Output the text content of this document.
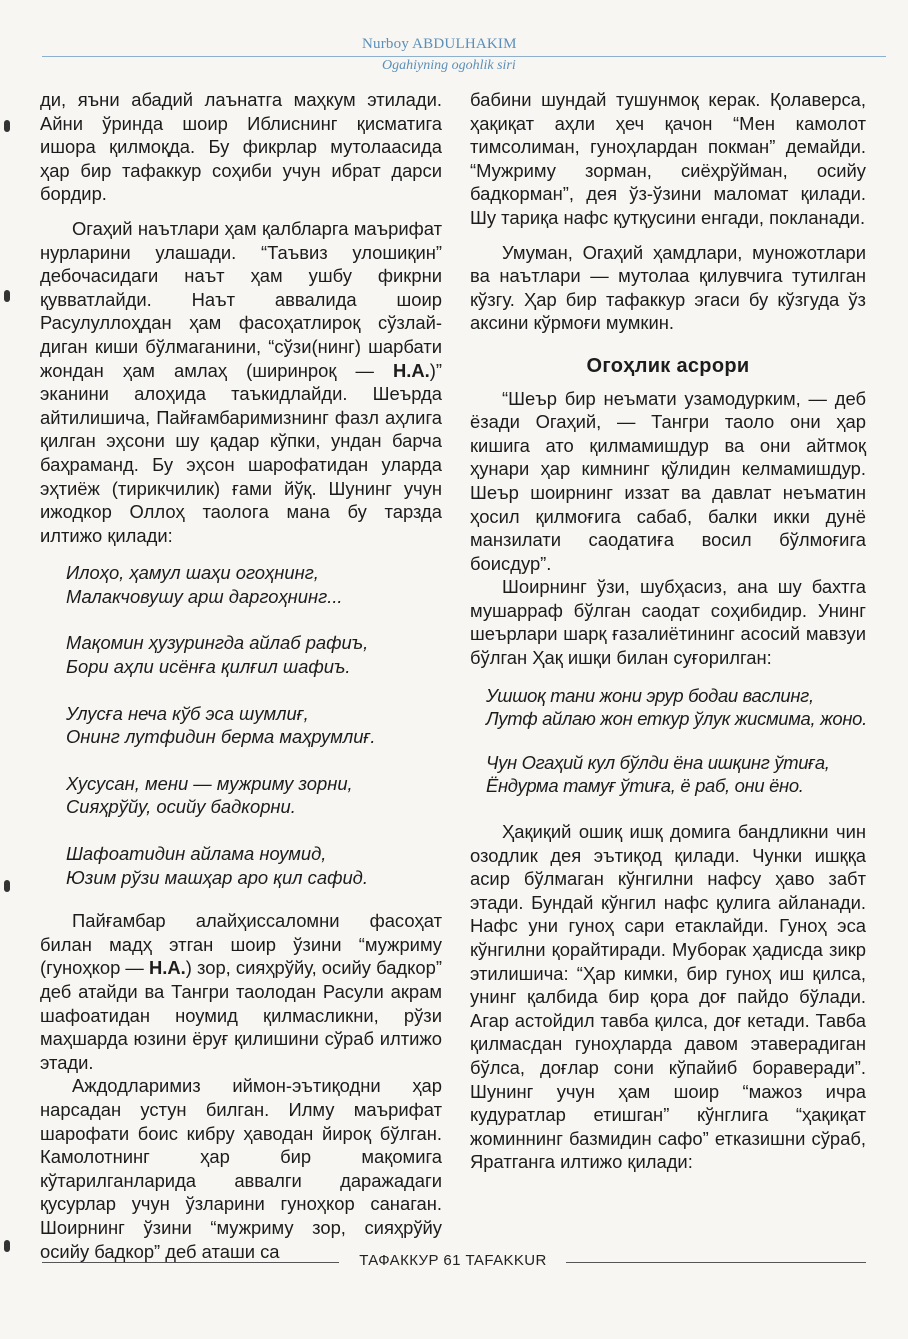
Nurboy ABDULHAKIM
Ogahiyning ogohlik siri

ди, яъни абадий лаънатга маҳкум этилади. Айни ўринда шоир Иблиснинг қисматига ишора қилмоқда. Бу фикрлар мутолаасида ҳар бир тафаккур соҳиби учун ибрат дарси бордир.

Огаҳий наътлари ҳам қалбларга маърифат нурларини улашади. “Таъвиз улошиқин” дебочасидаги наът ҳам ушбу фикрни қувватлайди. Наът аввалида шоир Расулуллоҳдан ҳам фасоҳатлироқ сўзлайдиган киши бўлмаганини, “сўзи(нинг) шарбати жондан ҳам амлаҳ (ширинроқ — Н.А.)” эканини алоҳида таъкидлайди. Шеърда айтилишича, Пайғамбаримизнинг фазл аҳлига қилган эҳсони шу қадар кўпки, ундан барча баҳраманд. Бу эҳсон шарофатидан уларда эҳтиёж (тирикчилик) ғами йўқ. Шунинг учун ижодкор Оллоҳ таологa мана бу тарзда илтижо қилади:

Илоҳо, ҳамул шаҳи огоҳнинг,
Малакчовушу арш даргоҳнинг...
Мақомин ҳузурингда айлаб рафиъ,
Бори аҳли исёнға қилғил шафиъ.
Улусға неча кўб эса шумлиғ,
Онинг лутфидин берма маҳрумлиғ.
Хусусан, мени — мужриму зорни,
Сияҳрўйу, осийу бадкорни.
Шафоатидин айлама ноумид,
Юзим рўзи машҳар аро қил сафид.

Пайғамбар алайҳиссаломни фасоҳат билан мадҳ этган шоир ўзини “мужриму (гуноҳкор — Н.А.) зор, сияҳрўйу, осийу бадкор” деб атайди ва Тангри таолодан Расули акрам шафоатидан ноумид қилмасликни, рўзи маҳшарда юзини ёруғ қилишини сўраб илтижо этади.

Аждодларимиз иймон-эътиқодни ҳар нарсадан устун билган. Илму маърифат шарофати боис кибру ҳаводан йироқ бўлган. Камолотнинг ҳар бир мақомига кўтарилганларида аввалги даражадаги қусурлар учун ўзларини гуноҳкор санаган. Шоирнинг ўзини “мужриму зор, сияҳрўйу осийу бадкор” деб аташи са

бабини шундай тушунмоқ керак. Қолаверса, ҳақиқат аҳли ҳеч қачон “Мен камолот тимсолиман, гуноҳлардан покман” демайди. “Мужриму зорман, сиёҳрўйман, осийу бадкорман”, дея ўз-ўзини маломат қилади. Шу тариқа нафс қутқусини енгади, покланади.

Умуман, Огаҳий ҳамдлари, муножотлари ва наътлари — мутолаа қилувчига тутилган кўзгу. Ҳар бир тафаккур эгаси бу кўзгуда ўз аксини кўрмоғи мумкин.

Огоҳлик асрори

“Шеър бир неъмати узамодурким, — деб ёзади Огаҳий, — Тангри таоло они ҳар кишига ато қилмамишдур ва они айтмоқ ҳунари ҳар кимнинг қўлидин келмамишдур. Шеър шоирнинг иззат ва давлат неъматин ҳосил қилмоғига сабаб, балки икки дунё манзилати саодатиға восил бўлмоғига боисдур”.

Шоирнинг ўзи, шубҳасиз, ана шу бахтга мушарраф бўлган саодат соҳибидир. Унинг шеърлари шарқ ғазалиётининг асосий мавзуи бўлган Ҳақ ишқи билан суғорилган:

Ушшоқ тани жони эрур бодаи васлинг,
Лутф айлаю жон еткур ўлук жисмима, жоно.
Чун Огаҳий кул бўлди ёна ишқинг ўтиға,
Ёндурма тамуғ ўтиға, ё раб, они ёно.

Ҳақиқий ошиқ ишқ домига бандликни чин озодлик дея эътиқод қилади. Чунки ишққа асир бўлмаган кўнгилни нафсу ҳаво забт этади. Бундай кўнгил нафс қулига айланади. Нафс уни гуноҳ сари етаклайди. Гуноҳ эса кўнгилни қорайтиради. Муборак ҳадисда зикр этилишича: “Ҳар кимки, бир гуноҳ иш қилса, унинг қалбида бир қора доғ пайдо бўлади. Агар астойдил тавба қилса, доғ кетади. Тавба қилмасдан гуноҳларда давом этаверадиган бўлса, доғлар сони кўпайиб бораверади”. Шунинг учун ҳам шоир “мажоз ичра кудуратлар етишган” кўнглига “ҳақиқат жоминнинг базмидин сафо” етказишни сўраб, Яратганга илтижо қилади:

ТАФАККУР 61 TAFAKKUR
